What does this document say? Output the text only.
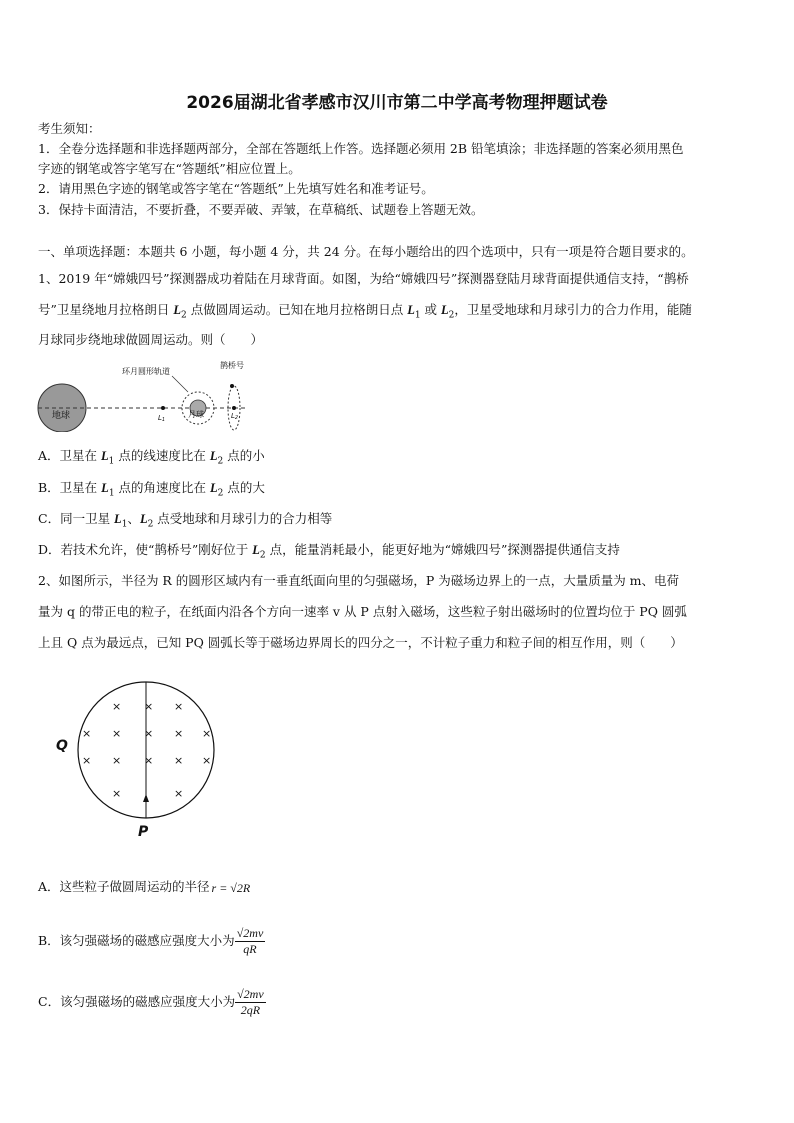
2026届湖北省孝感市汉川市第二中学高考物理押题试卷
考生须知：
1．全卷分选择题和非选择题两部分，全部在答题纸上作答。选择题必须用 2B 铅笔填涂；非选择题的答案必须用黑色
字迹的钢笔或答字笔写在“答题纸”相应位置上。
2．请用黑色字迹的钢笔或答字笔在“答题纸”上先填写姓名和准考证号。
3．保持卡面清洁，不要折叠，不要弄破、弄皱，在草稿纸、试题卷上答题无效。
一、单项选择题：本题共 6 小题，每小题 4 分，共 24 分。在每小题给出的四个选项中，只有一项是符合题目要求的。
1、2019 年“嫦娥四号”探测器成功着陆在月球背面。如图，为给“嫦娥四号”探测器登陆月球背面提供通信支持，“鹊桥
号”卫星绕地月拉格朗日 $L_2$ 点做圆周运动。已知在地月拉格朗日点 $L_1$ 或 $L_2$，卫星受地球和月球引力的合力作用，能随
月球同步绕地球做圆周运动。则（　　）
地球	L1
月球
环月圆形轨道
鹊桥号
L2
A．卫星在 $L_1$ 点的线速度比在 $L_2$ 点的小
B．卫星在 $L_1$ 点的角速度比在 $L_2$ 点的大
C．同一卫星 $L_1$、$L_2$ 点受地球和月球引力的合力相等
D．若技术允许，使“鹊桥号”刚好位于 $L_2$ 点，能量消耗最小，能更好地为“嫦娥四号”探测器提供通信支持
2、如图所示，半径为 R 的圆形区域内有一垂直纸面向里的匀强磁场，P 为磁场边界上的一点，大量质量为 m、电荷
量为 q 的带正电的粒子，在纸面内沿各个方向一速率 v 从 P 点射入磁场，这些粒子射出磁场时的位置均位于 PQ 圆弧
上且 Q 点为最远点，已知 PQ 圆弧长等于磁场边界周长的四分之一，不计粒子重力和粒子间的相互作用，则（　　）
× × ×
× × × × ×
× × × × ×
×	×
Q
P
A．这些粒子做圆周运动的半径 r = √2R
B．该匀强磁场的磁感应强度大小为 $\frac{√2mv}{qR}$
C．该匀强磁场的磁感应强度大小为 $\frac{√2mv}{2qR}$
